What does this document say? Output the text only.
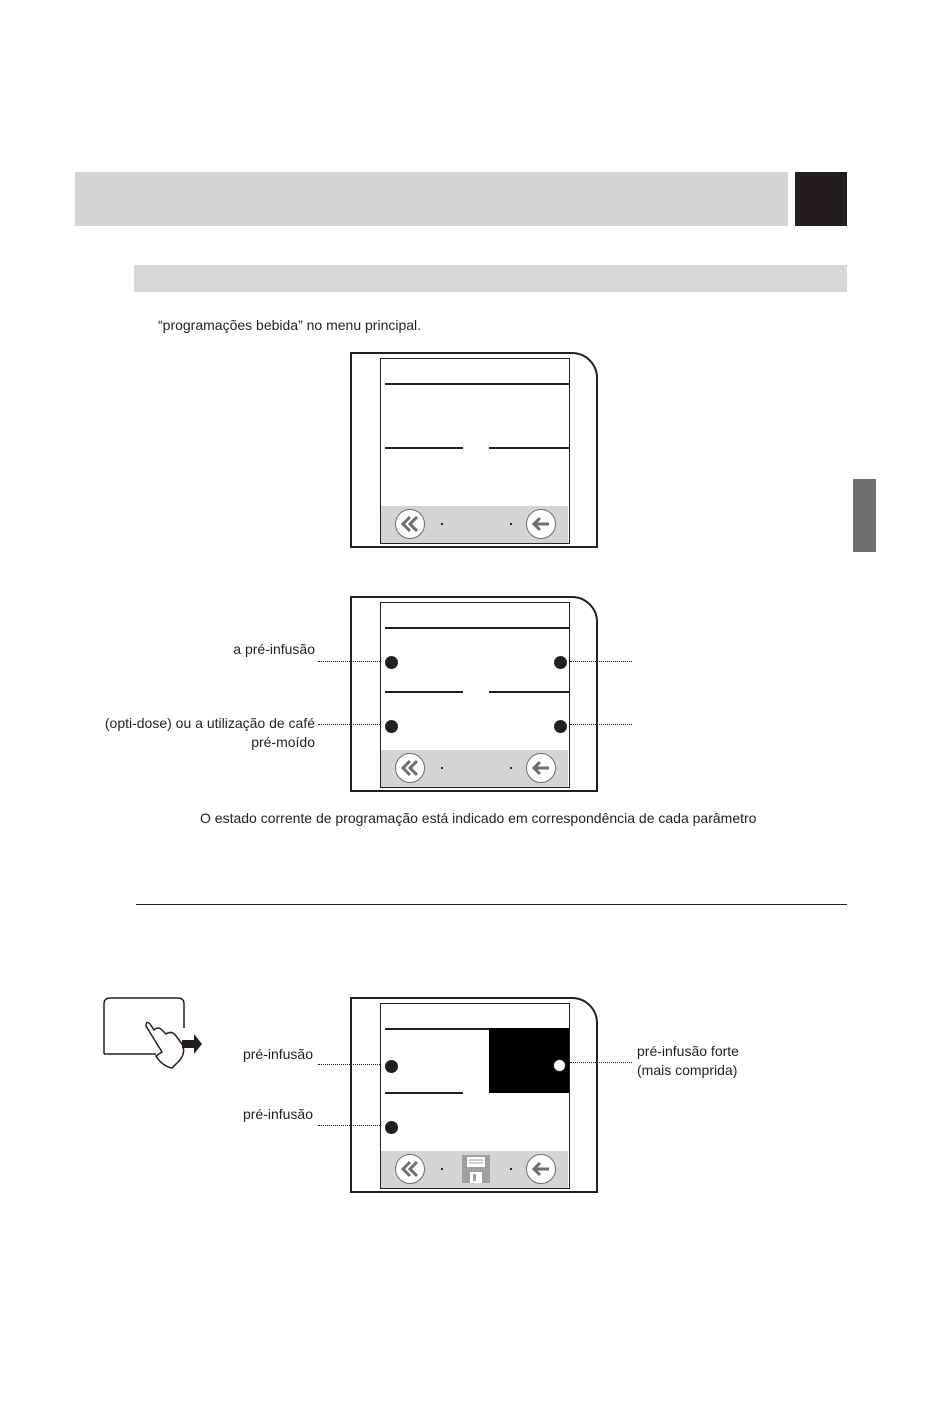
“programações bebida” no menu principal.
a pré-infusão
(opti-dose) ou a utilização de café
pré-moído
O estado corrente de programação está indicado em correspondência de cada parâmetro
pré-infusão
pré-infusão
pré-infusão forte
(mais comprida)
